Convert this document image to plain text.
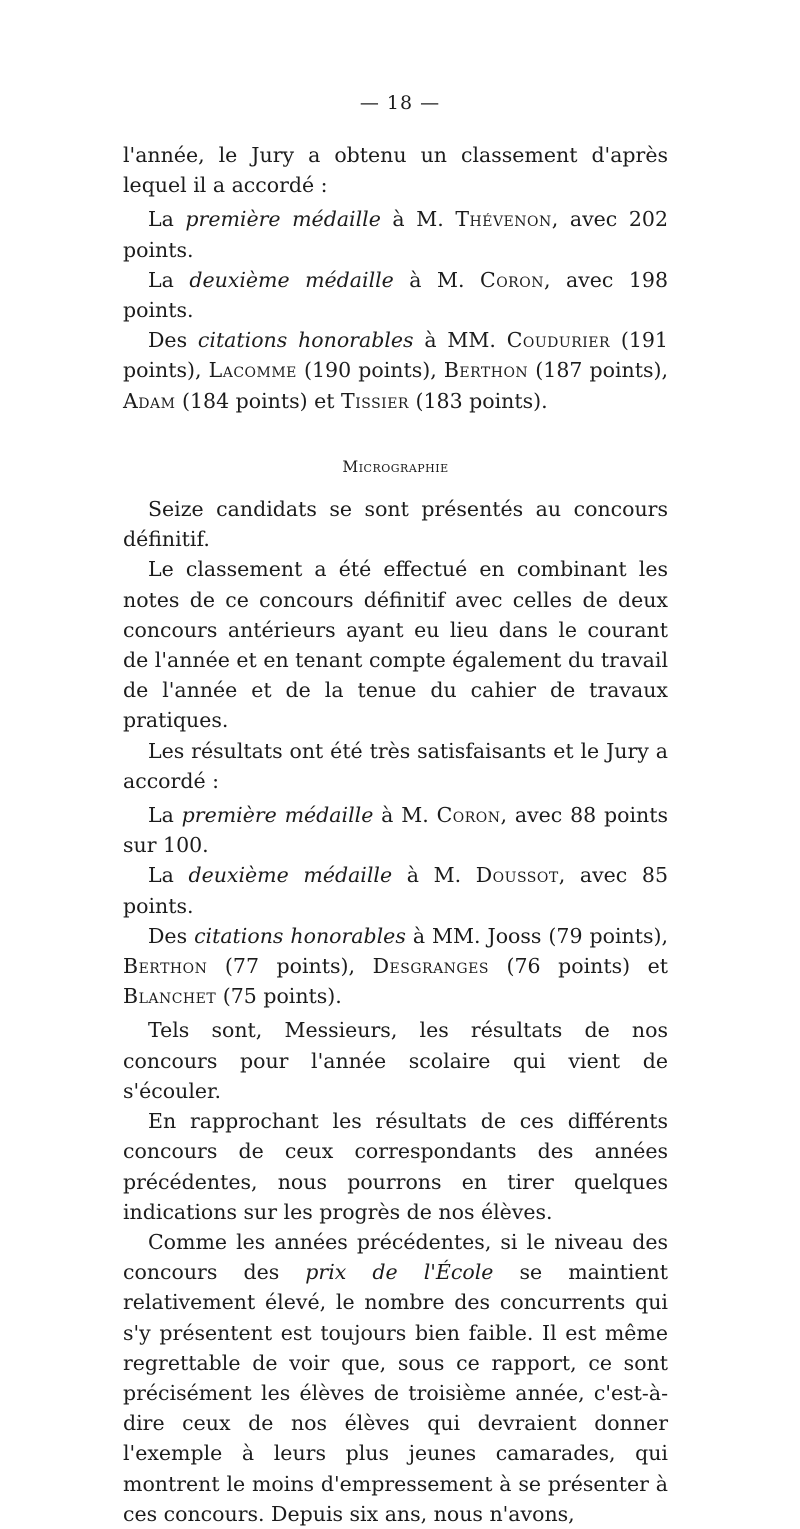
— 18 —

l'année, le Jury a obtenu un classement d'après lequel il a accordé :

La première médaille à M. Thévenon, avec 202 points.

La deuxième médaille à M. Coron, avec 198 points.

Des citations honorables à MM. Coudurier (191 points), Lacomme (190 points), Berthon (187 points), Adam (184 points) et Tissier (183 points).

Micrographie

Seize candidats se sont présentés au concours définitif.

Le classement a été effectué en combinant les notes de ce concours définitif avec celles de deux concours antérieurs ayant eu lieu dans le courant de l'année et en tenant compte également du travail de l'année et de la tenue du cahier de travaux pratiques.

Les résultats ont été très satisfaisants et le Jury a accordé :

La première médaille à M. Coron, avec 88 points sur 100.

La deuxième médaille à M. Doussot, avec 85 points.

Des citations honorables à MM. Jooss (79 points), Berthon (77 points), Desgranges (76 points) et Blanchet (75 points).

Tels sont, Messieurs, les résultats de nos concours pour l'année scolaire qui vient de s'écouler.

En rapprochant les résultats de ces différents concours de ceux correspondants des années précédentes, nous pourrons en tirer quelques indications sur les progrès de nos élèves.

Comme les années précédentes, si le niveau des concours des prix de l'École se maintient relativement élevé, le nombre des concurrents qui s'y présentent est toujours bien faible. Il est même regrettable de voir que, sous ce rapport, ce sont précisément les élèves de troisième année, c'est-à-dire ceux de nos élèves qui devraient donner l'exemple à leurs plus jeunes camarades, qui montrent le moins d'empressement à se présenter à ces concours. Depuis six ans, nous n'avons,
